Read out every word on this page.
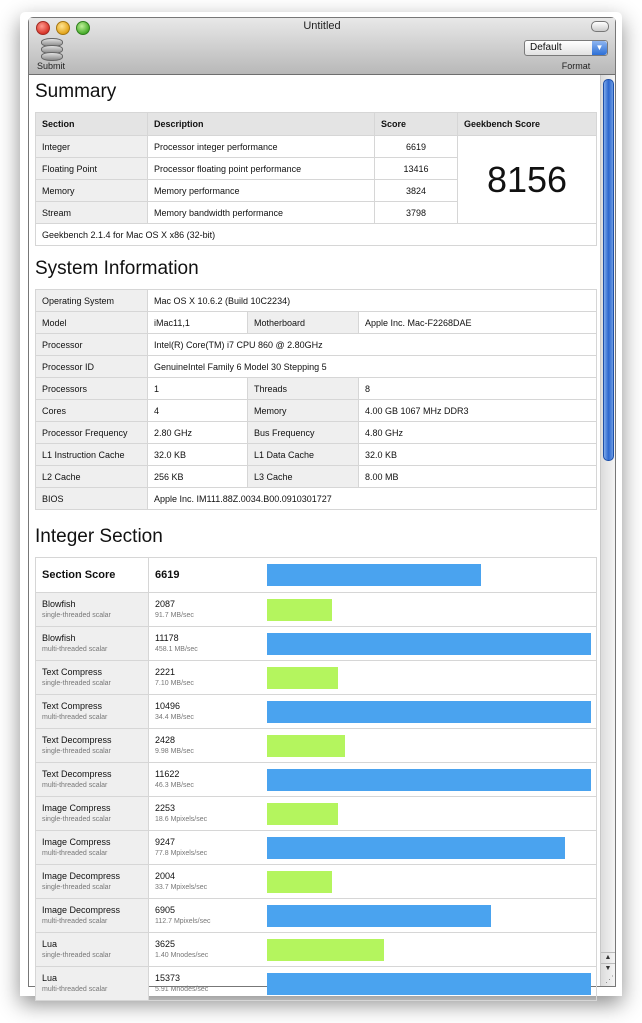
Untitled
Submit
Default	▼
Format
Summary
Section	Description	Score	Geekbench Score
Integer	Processor integer performance	6619	8156
Floating Point	Processor floating point performance	13416	
Memory	Memory performance	3824	
Stream	Memory bandwidth performance	3798	
Geekbench 2.1.4 for Mac OS X x86 (32-bit)			
System Information
Operating System	Mac OS X 10.6.2 (Build 10C2234)		
Model	iMac11,1	Motherboard	Apple Inc. Mac-F2268DAE
Processor	Intel(R) Core(TM) i7 CPU 860 @ 2.80GHz		
Processor ID	GenuineIntel Family 6 Model 30 Stepping 5		
Processors	1	Threads	8
Cores	4	Memory	4.00 GB 1067 MHz DDR3
Processor Frequency	2.80 GHz	Bus Frequency	4.80 GHz
L1 Instruction Cache	32.0 KB	L1 Data Cache	32.0 KB
L2 Cache	256 KB	L3 Cache	8.00 MB
BIOS	Apple Inc. IM111.88Z.0034.B00.0910301727		
Integer Section
Section Score	6619	

Blowfish
single-threaded scalar	2087
91.7 MB/sec	

Blowfish
multi-threaded scalar	11178
458.1 MB/sec	

Text Compress
single-threaded scalar	2221
7.10 MB/sec	

Text Compress
multi-threaded scalar	10496
34.4 MB/sec	

Text Decompress
single-threaded scalar	2428
9.98 MB/sec	

Text Decompress
multi-threaded scalar	11622
46.3 MB/sec	

Image Compress
single-threaded scalar	2253
18.6 Mpixels/sec	

Image Compress
multi-threaded scalar	9247
77.8 Mpixels/sec	

Image Decompress
single-threaded scalar	2004
33.7 Mpixels/sec	

Image Decompress
multi-threaded scalar	6905
112.7 Mpixels/sec	

Lua
single-threaded scalar	3625
1.40 Mnodes/sec	

Lua
multi-threaded scalar	15373
5.91 Mnodes/sec	

▲
▼
⋰
